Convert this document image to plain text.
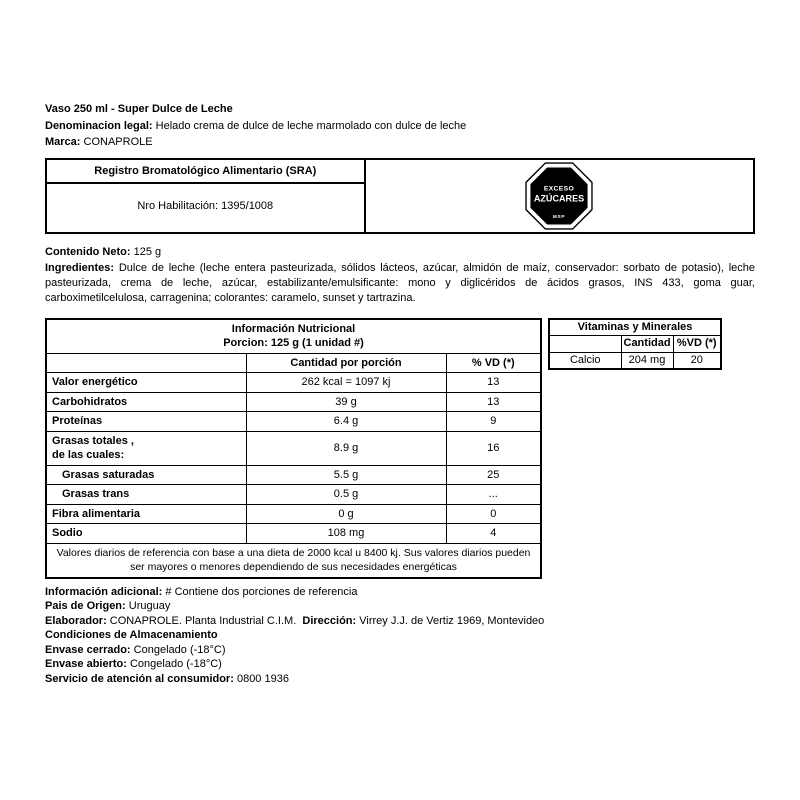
Vaso 250 ml - Super Dulce de Leche
Denominacion legal: Helado crema de dulce de leche marmolado con dulce de leche
Marca: CONAPROLE
Registro Bromatológico Alimentario (SRA)
Nro Habilitación: 1395/1008

EXCESO
AZÚCARES
MSP
Contenido Neto: 125 g
Ingredientes: Dulce de leche (leche entera pasteurizada, sólidos lácteos, azúcar, almidón de maíz, conservador: sorbato de potasio), leche pasteurizada, crema de leche, azúcar, estabilizante/emulsificante: mono y diglicéridos de ácidos grasos, INS 433, goma guar, carboximetilcelulosa, carragenina; colorantes: caramelo, sunset y tartrazina.
Información Nutricional
Porcion: 125 g (1 unidad #)		

	Cantidad por porción	% VD (*)
Valor energético	262 kcal = 1097 kj	13
Carbohidratos	39 g	13
Proteínas	6.4 g	9

Grasas totales ,
de las cuales:	8.9 g	16
Grasas saturadas	5.5 g	25
Grasas trans	0.5 g	...
Fibra alimentaria	0 g	0
Sodio	108 mg	4
Valores diarios de referencia con base a una dieta de 2000 kcal u 8400 kj. Sus valores diarios pueden ser mayores o menores dependiendo de sus necesidades energéticas		
Vitaminas y Minerales		
	Cantidad	%VD (*)
Calcio	204 mg	20
Información adicional: # Contiene dos porciones de referencia
Pais de Origen: Uruguay
Elaborador: CONAPROLE. Planta Industrial C.I.M. Dirección: Virrey J.J. de Vertiz 1969, Montevideo
Condiciones de Almacenamiento
Envase cerrado: Congelado (-18°C)
Envase abierto: Congelado (-18°C)
Servicio de atención al consumidor: 0800 1936
